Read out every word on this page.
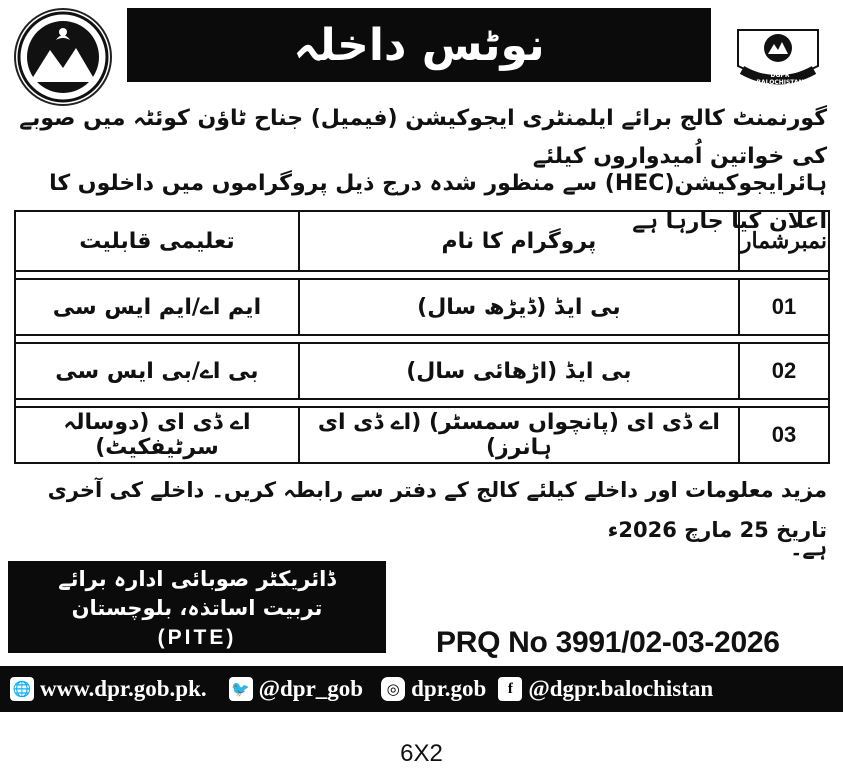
نوٹس داخلہ
DGPR BALOCHISTAN
گورنمنٹ کالج برائے ایلمنٹری ایجوکیشن (فیمیل) جناح ٹاؤن کوئٹہ میں صوبے کی خواتین اُمیدواروں کیلئے
ہائرایجوکیشن(HEC) سے منظور شدہ درج ذیل پروگراموں میں داخلوں کا اعلان کیا جارہا ہے
نمبرشمار	پروگرام کا نام	تعلیمی قابلیت

01	بی ایڈ (ڈیڑھ سال)	ایم اے/ایم ایس سی

02	بی ایڈ (اڑھائی سال)	بی اے/بی ایس سی

03	اے ڈی ای (پانچواں سمسٹر) (اے ڈی ای ہانرز)	اے ڈی ای (دوسالہ سرٹیفکیٹ)
مزید معلومات اور داخلے کیلئے کالج کے دفتر سے رابطہ کریں۔ داخلے کی آخری تاریخ 25 مارچ 2026ء
ہے۔
ڈائریکٹر صوبائی ادارہ برائے
تربیت اساتذہ، بلوچستان
(PITE)	PRQ No 3991/02-03-2026
🌐 www.dpr.gob.pk. 🐦 @dpr_gob	◎ dpr.gob	f @dgpr.balochistan
6X2
